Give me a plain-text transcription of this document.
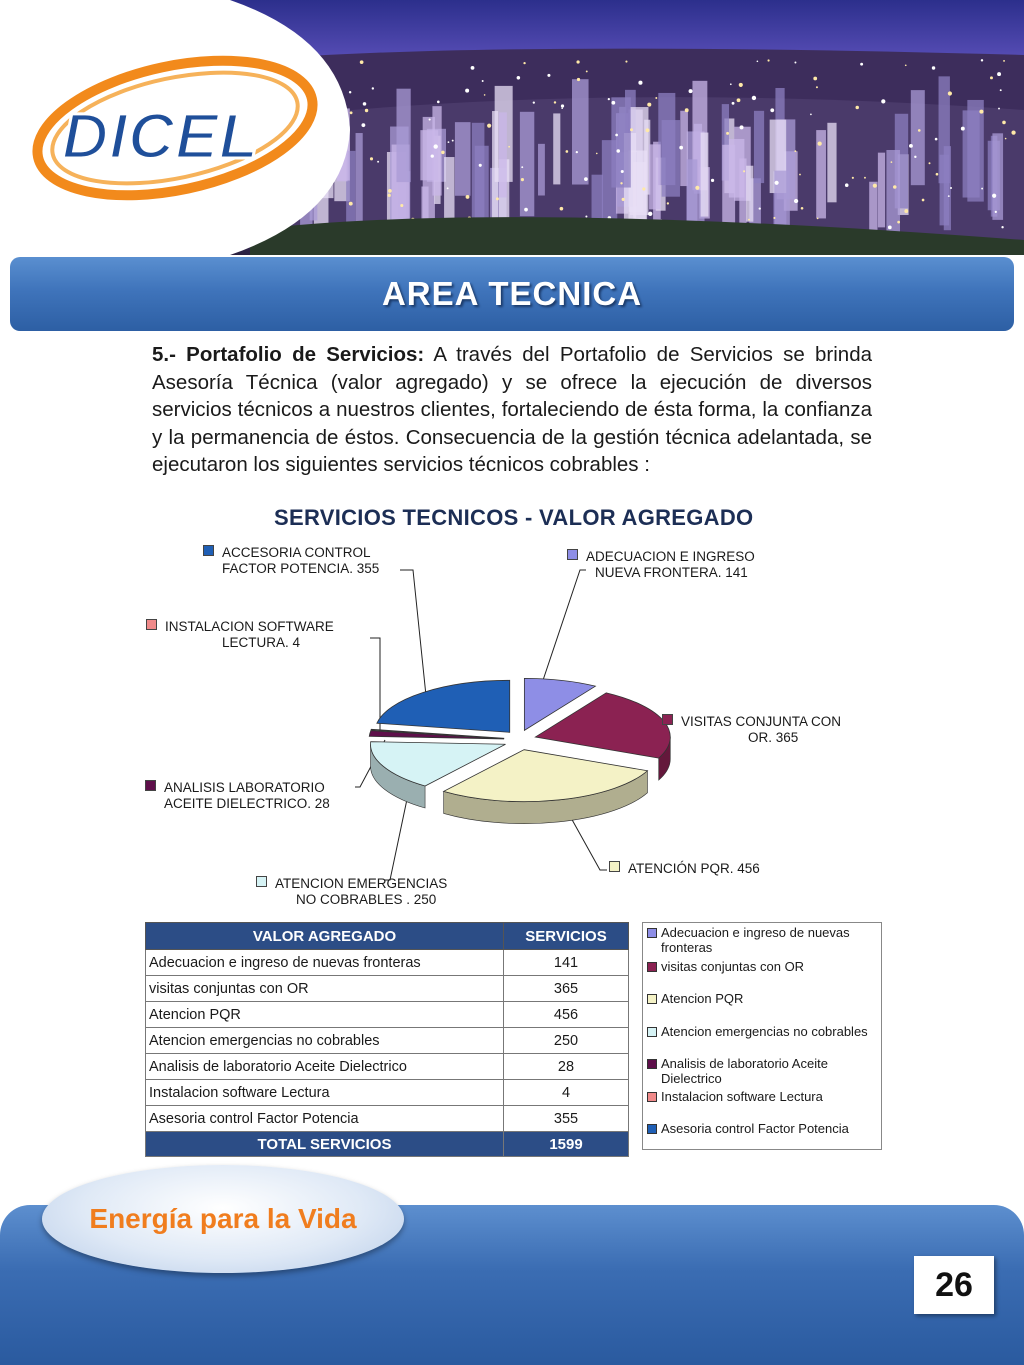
DICEL
AREA TECNICA
5.- Portafolio de Servicios: A través del Portafolio de Servicios se brinda Asesoría Técnica (valor agregado) y se ofrece la ejecución de diversos servicios técnicos a nuestros clientes, fortaleciendo de ésta forma, la confianza y la permanencia de éstos. Consecuencia de la gestión técnica adelantada, se ejecutaron los siguientes servicios técnicos cobrables :
SERVICIOS TECNICOS - VALOR AGREGADO
ACCESORIA CONTROL
FACTOR POTENCIA. 355
ADECUACION E INGRESO
NUEVA FRONTERA. 141
INSTALACION SOFTWARE
LECTURA. 4
VISITAS CONJUNTA CON
OR. 365
ANALISIS LABORATORIO
ACEITE DIELECTRICO. 28
ATENCIÓN PQR. 456
ATENCION EMERGENCIAS
NO COBRABLES . 250
VALOR AGREGADO	SERVICIOS
Adecuacion e ingreso de nuevas fronteras	141
visitas conjuntas con OR	365
Atencion PQR	456
Atencion emergencias no cobrables	250
Analisis de laboratorio Aceite Dielectrico	28
Instalacion software Lectura	4
Asesoria control Factor Potencia	355
TOTAL SERVICIOS	1599
Adecuacion e ingreso de nuevas fronteras
visitas conjuntas con OR
Atencion PQR
Atencion emergencias no cobrables
Analisis de laboratorio Aceite Dielectrico
Instalacion software Lectura
Asesoria control Factor Potencia
Energía para la Vida
26
